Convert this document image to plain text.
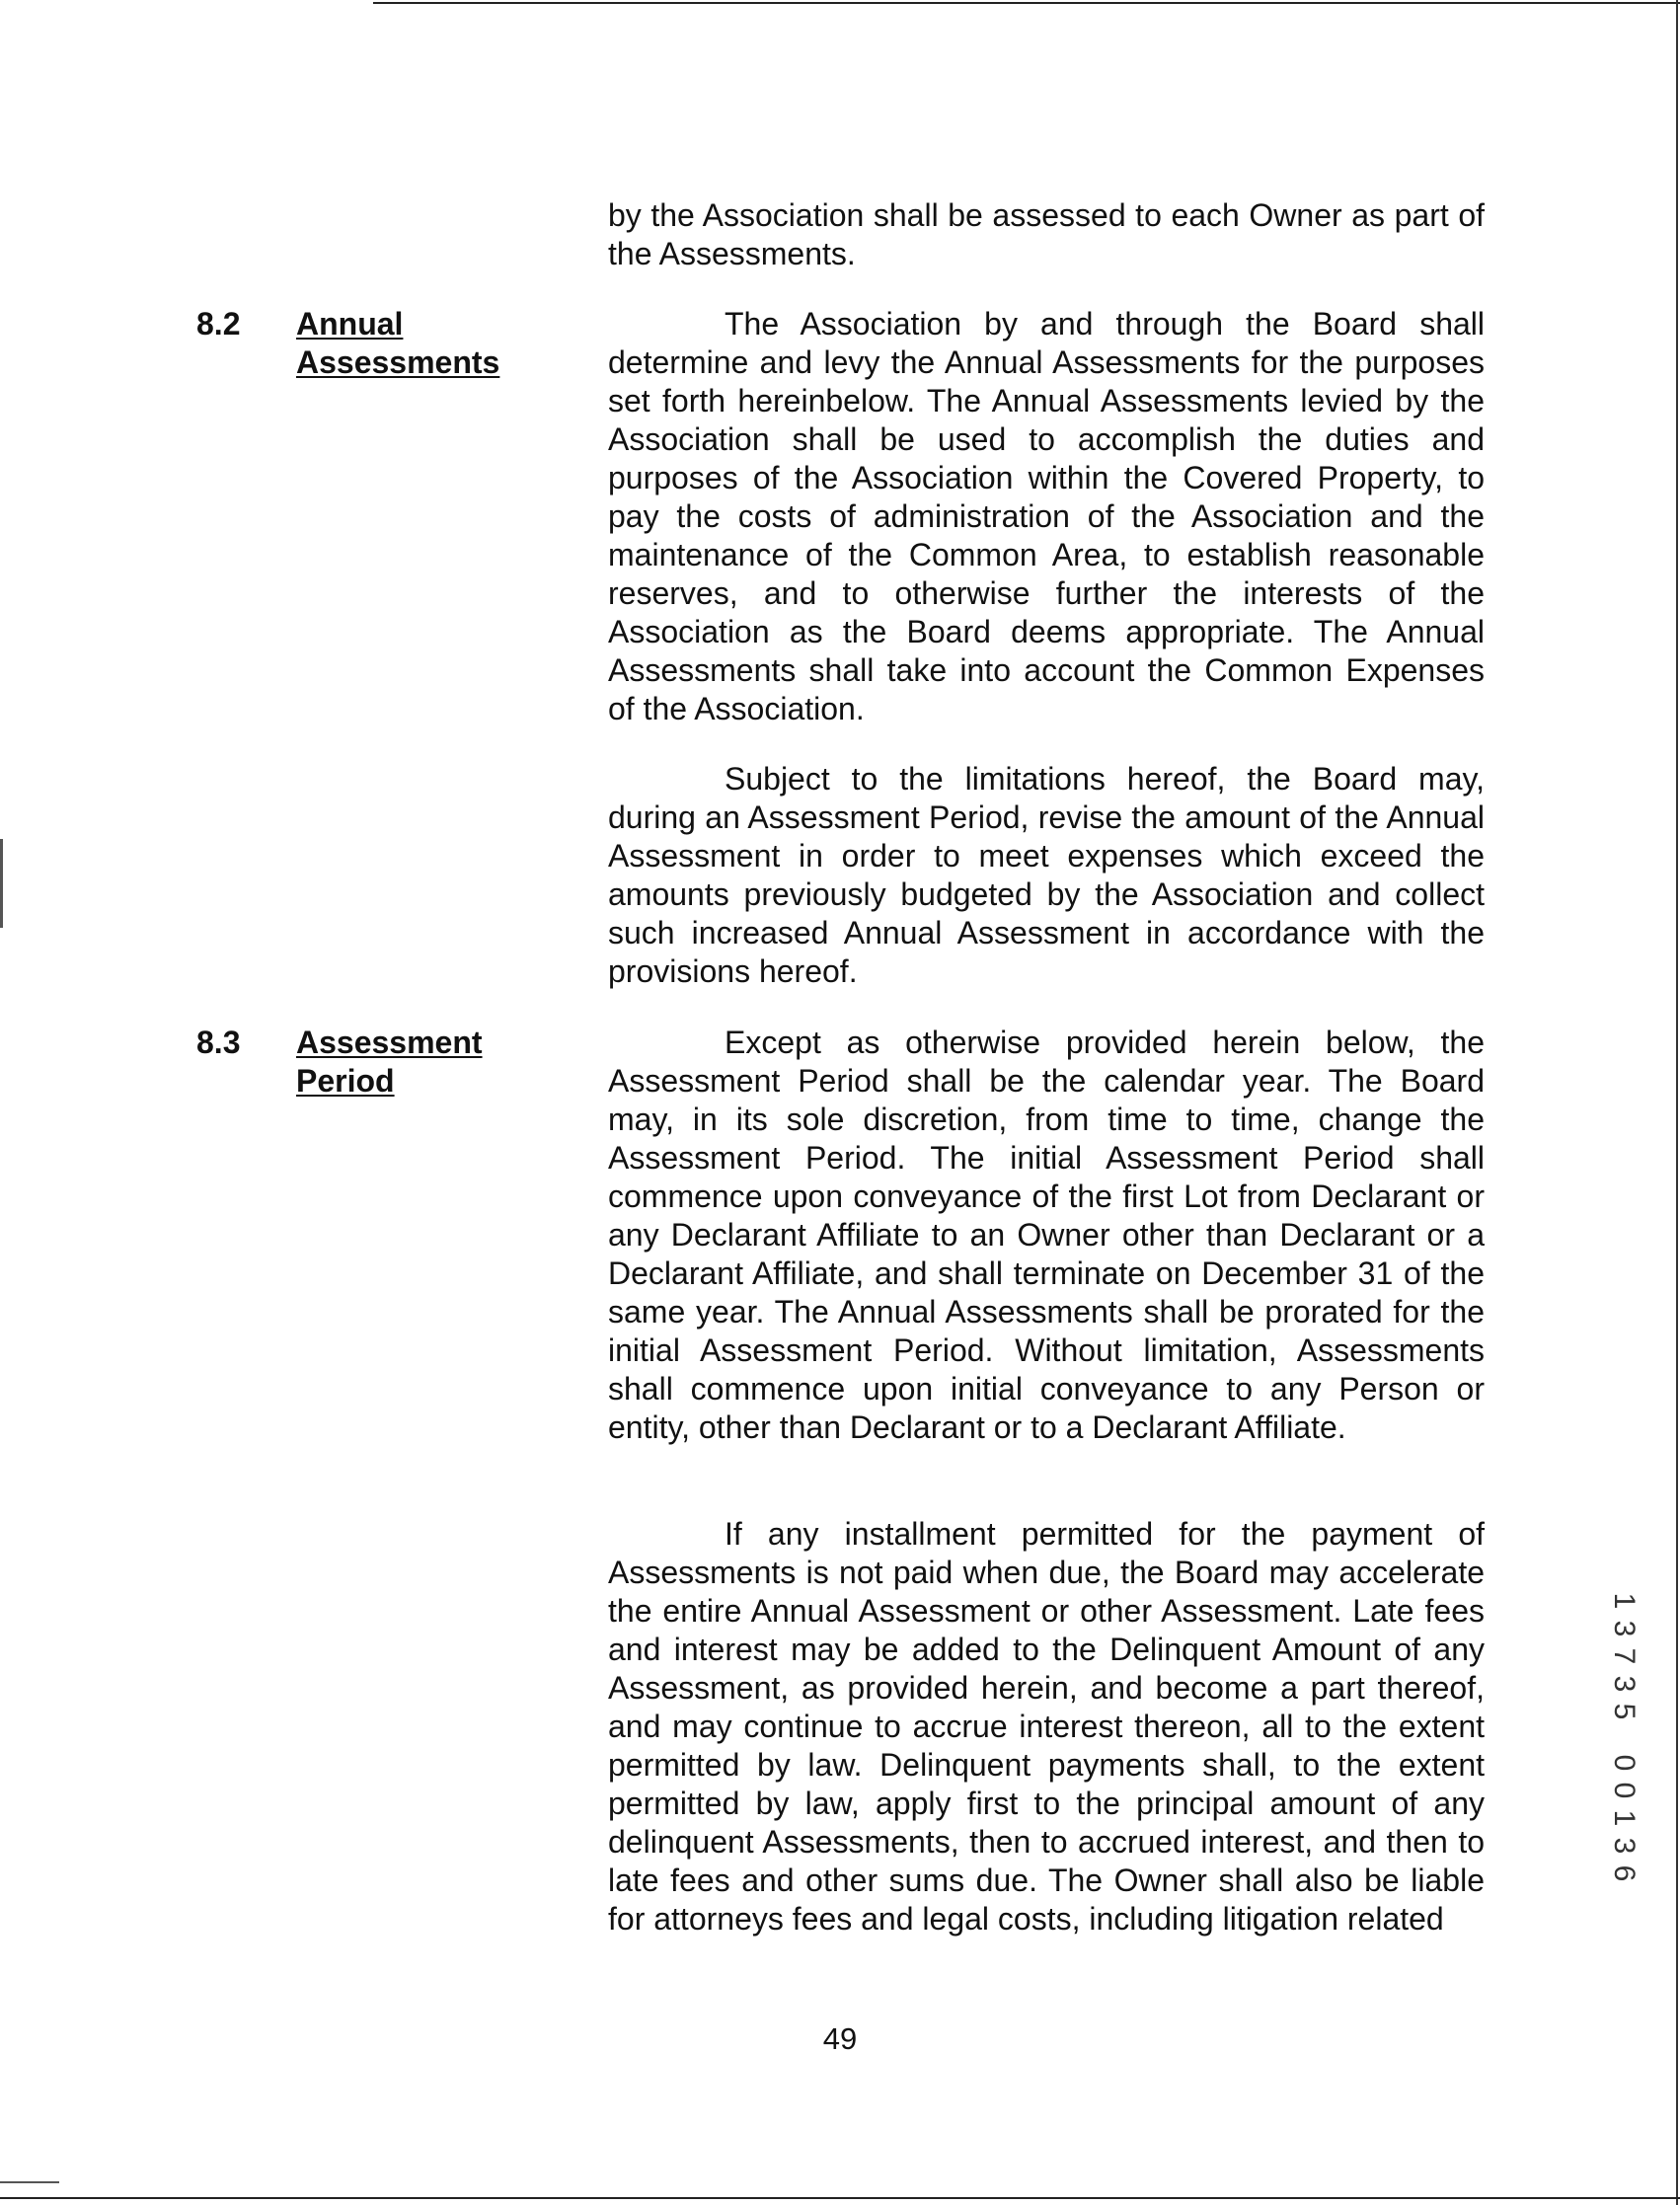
by the Association shall be assessed to each Owner as part of the Assessments.

8.2 Annual
Assessments

The Association by and through the Board shall determine and levy the Annual Assessments for the purposes set forth hereinbelow. The Annual Assessments levied by the Association shall be used to accomplish the duties and purposes of the Association within the Covered Property, to pay the costs of administration of the Association and the maintenance of the Common Area, to establish reasonable reserves, and to otherwise further the interests of the Association as the Board deems appropriate. The Annual Assessments shall take into account the Common Expenses of the Association.

Subject to the limitations hereof, the Board may, during an Assessment Period, revise the amount of the Annual Assessment in order to meet expenses which exceed the amounts previously budgeted by the Association and collect such increased Annual Assessment in accordance with the provisions hereof.

8.3 Assessment
Period

Except as otherwise provided herein below, the Assessment Period shall be the calendar year. The Board may, in its sole discretion, from time to time, change the Assessment Period. The initial Assessment Period shall commence upon conveyance of the first Lot from Declarant or any Declarant Affiliate to an Owner other than Declarant or a Declarant Affiliate, and shall terminate on December 31 of the same year. The Annual Assessments shall be prorated for the initial Assessment Period. Without limitation, Assessments shall commence upon initial conveyance to any Person or entity, other than Declarant or to a Declarant Affiliate.

If any installment permitted for the payment of Assessments is not paid when due, the Board may accelerate the entire Annual Assessment or other Assessment. Late fees and interest may be added to the Delinquent Amount of any Assessment, as provided herein, and become a part thereof, and may continue to accrue interest thereon, all to the extent permitted by law. Delinquent payments shall, to the extent permitted by law, apply first to the principal amount of any delinquent Assessments, then to accrued interest, and then to late fees and other sums due. The Owner shall also be liable for attorneys fees and legal costs, including litigation related

49
1
3
7
3
5
0
0
1
3
6
